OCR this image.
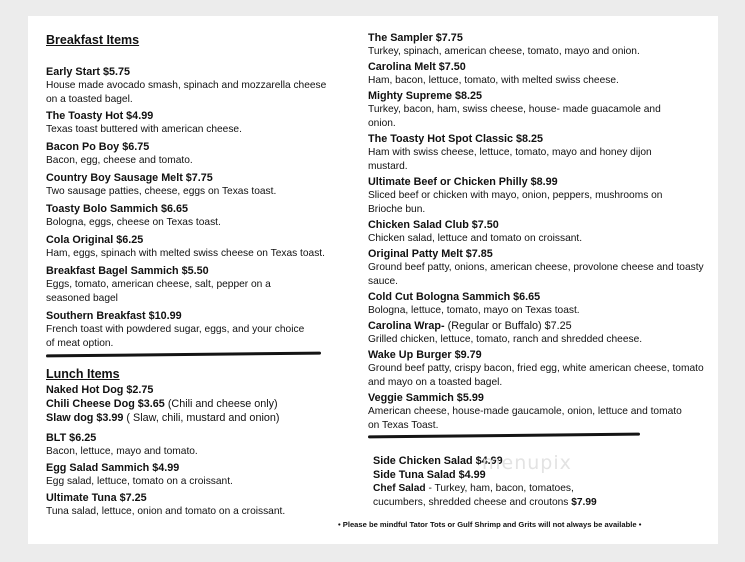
Breakfast Items
Early Start $5.75
House made avocado smash, spinach and mozzarella cheese on a toasted bagel.
The Toasty Hot $4.99
Texas toast buttered with american cheese.
Bacon Po Boy $6.75
Bacon, egg, cheese and tomato.
Country Boy Sausage Melt $7.75
Two sausage patties, cheese, eggs on Texas toast.
Toasty Bolo Sammich $6.65
Bologna, eggs, cheese on Texas toast.
Cola Original $6.25
Ham, eggs, spinach with melted swiss cheese on Texas toast.
Breakfast Bagel Sammich $5.50
Eggs, tomato, american cheese, salt, pepper on a seasoned bagel
Southern Breakfast $10.99
French toast with powdered sugar, eggs, and your choice of meat option.
Lunch Items
Naked Hot Dog $2.75
Chili Cheese Dog $3.65 (Chili and cheese only)
Slaw dog $3.99 ( Slaw, chili, mustard and onion)
BLT $6.25
Bacon, lettuce, mayo and tomato.
Egg Salad Sammich $4.99
Egg salad, lettuce, tomato on a croissant.
Ultimate Tuna $7.25
Tuna salad, lettuce, onion and tomato on a croissant.
The Sampler $7.75
Turkey, spinach, american cheese, tomato, mayo and onion.
Carolina Melt $7.50
Ham, bacon, lettuce, tomato, with melted swiss cheese.
Mighty Supreme $8.25
Turkey, bacon, ham, swiss cheese, house- made guacamole and onion.
The Toasty Hot Spot Classic $8.25
Ham with swiss cheese, lettuce, tomato, mayo and honey dijon mustard.
Ultimate Beef or Chicken Philly $8.99
Sliced beef or chicken with mayo, onion, peppers, mushrooms on Brioche bun.
Chicken Salad Club $7.50
Chicken salad, lettuce and tomato on croissant.
Original Patty Melt $7.85
Ground beef patty, onions, american cheese, provolone cheese and toasty sauce.
Cold Cut Bologna Sammich $6.65
Bologna, lettuce, tomato, mayo on Texas toast.
Carolina Wrap- (Regular or Buffalo) $7.25
Grilled chicken, lettuce, tomato, ranch and shredded cheese.
Wake Up Burger $9.79
Ground beef patty, crispy bacon, fried egg, white american cheese, tomato and mayo on a toasted bagel.
Veggie Sammich $5.99
American cheese, house-made gaucamole, onion, lettuce and tomato on Texas Toast.
Side Chicken Salad $4.99
Side Tuna Salad $4.99
Chef Salad - Turkey, ham, bacon, tomatoes, cucumbers, shredded cheese and croutons $7.99
• Please be mindful Tator Tots or Gulf Shrimp and Grits will not always be available •
menupix
